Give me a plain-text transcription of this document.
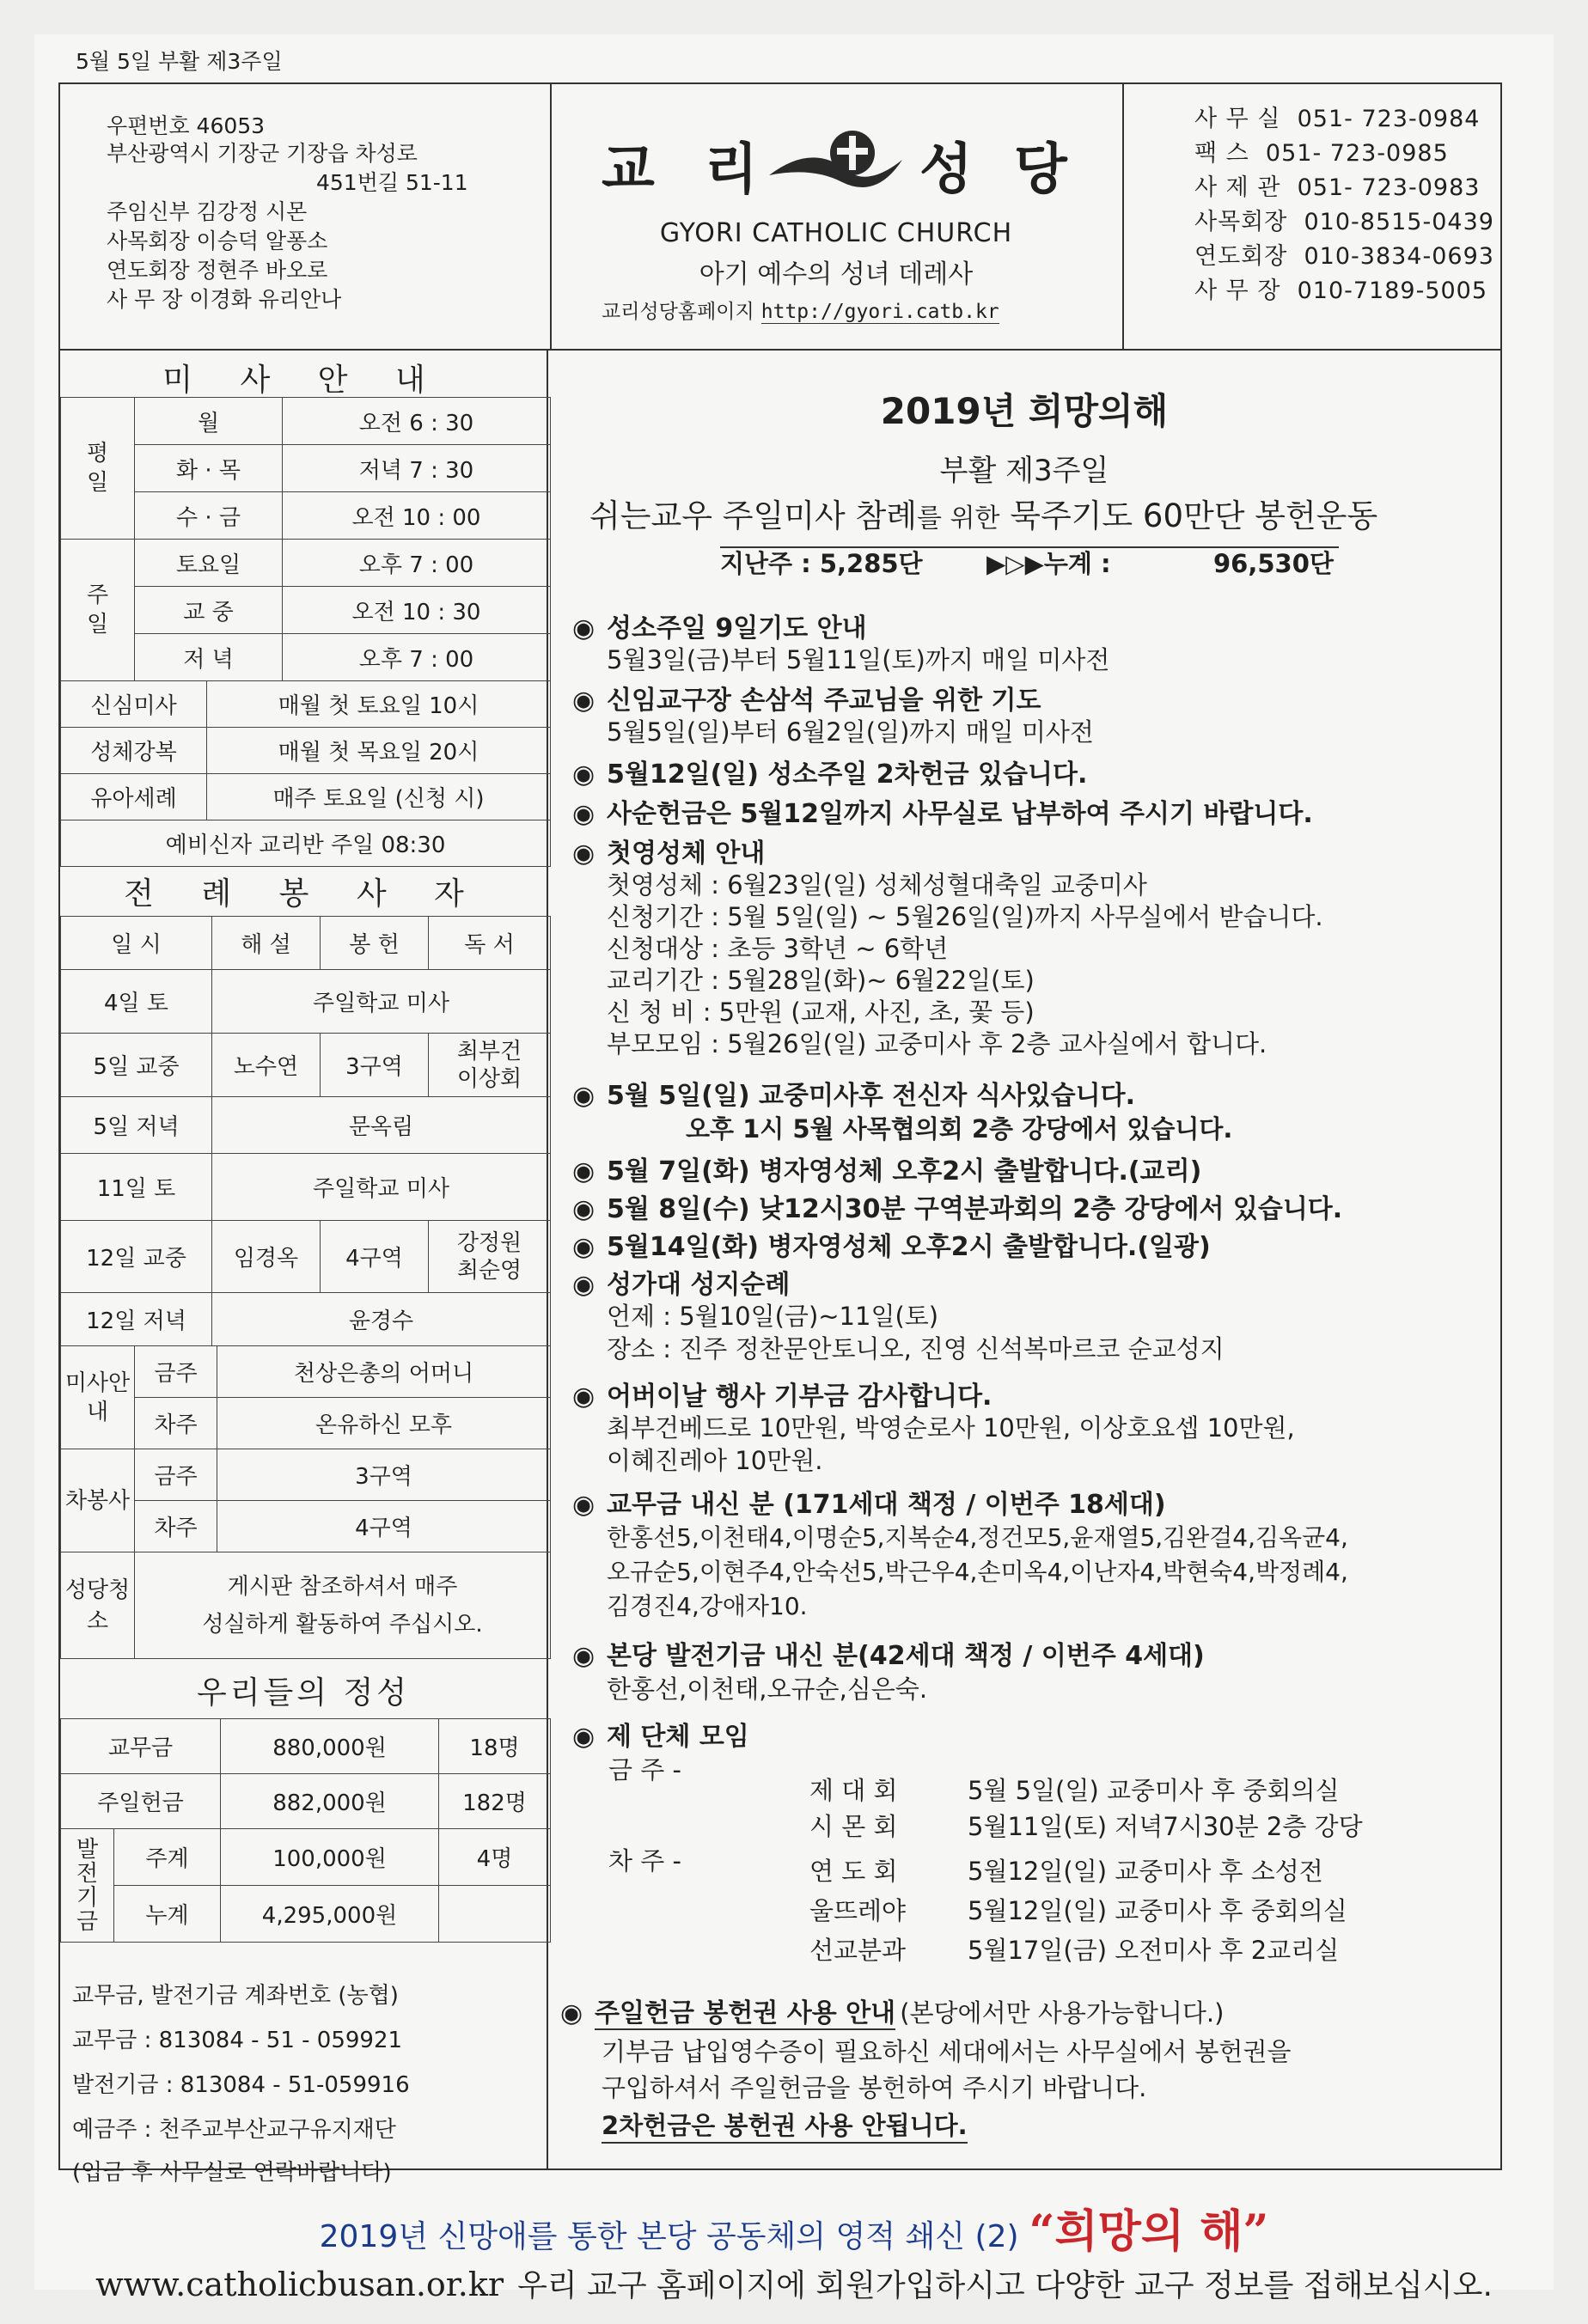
5월 5일 부활 제3주일
우편번호 46053
부산광역시 기장군 기장읍 차성로
451번길 51-11
주임신부 김강정 시몬
사목회장 이승덕 알퐁소
연도회장 정현주 바오로
사 무 장 이경화 유리안나
교 리	성 당
GYORI CATHOLIC CHURCH
아기 예수의 성녀 데레사
교리성당홈페이지 http://gyori.catb.kr
사 무 실 051- 723-0984
팩 스 051- 723-0985
사 제 관 051- 723-0983
사목회장 010-8515-0439
연도회장 010-3834-0693
사 무 장 010-7189-5005
미 사 안 내
평일	월	오전 6 : 30
	화 · 목	저녁 7 : 30
	수 · 금	오전 10 : 00
주일	토요일	오후 7 : 00
	교 중	오전 10 : 30
	저 녁	오후 7 : 00
신심미사	매월 첫 토요일 10시
성체강복	매월 첫 목요일 20시
유아세례	매주 토요일 (신청 시)
예비신자 교리반 주일 08:30	
전 례 봉 사 자
일 시	해 설	봉 헌	독 서
4일 토	주일학교 미사		
5일 교중	노수연	3구역	최부건
이상회

5일 저녁	문옥림		
11일 토	주일학교 미사		
12일 교중	임경옥	4구역	강정원
최순영

12일 저녁	윤경수		
미사안내	금주	천상은총의 어머니
	차주	온유하신 모후
차봉사	금주	3구역
	차주	4구역
성당청소	게시판 참조하셔서 매주
성실하게 활동하여 주십시오.	
우리들의 정성
교무금		880,000원	18명
주일헌금		882,000원	182명
발전기금	주계	100,000원	4명
	누계	4,295,000원	
교무금, 발전기금 계좌번호 (농협)
교무금 : 813084 - 51 - 059921
발전기금 : 813084 - 51-059916
예금주 : 천주교부산교구유지재단
(입금 후 사무실로 연락바랍니다)
2019년 희망의해
부활 제3주일
쉬는교우 주일미사 참례를 위한 묵주기도 60만단 봉헌운동
지난주 : 5,285단	▶▷▶누계 :	96,530단
◉ 성소주일 9일기도 안내
5월3일(금)부터 5월11일(토)까지 매일 미사전
◉ 신임교구장 손삼석 주교님을 위한 기도
5월5일(일)부터 6월2일(일)까지 매일 미사전
◉ 5월12일(일) 성소주일 2차헌금 있습니다.
◉ 사순헌금은 5월12일까지 사무실로 납부하여 주시기 바랍니다.
◉ 첫영성체 안내
첫영성체 : 6월23일(일) 성체성혈대축일 교중미사
신청기간 : 5월 5일(일) ~ 5월26일(일)까지 사무실에서 받습니다.
신청대상 : 초등 3학년 ~ 6학년
교리기간 : 5월28일(화)~ 6월22일(토)
신 청 비 : 5만원 (교재, 사진, 초, 꽃 등)
부모모임 : 5월26일(일) 교중미사 후 2층 교사실에서 합니다.
◉ 5월 5일(일) 교중미사후 전신자 식사있습니다.
오후 1시 5월 사목협의회 2층 강당에서 있습니다.
◉ 5월 7일(화) 병자영성체 오후2시 출발합니다.(교리)
◉ 5월 8일(수) 낮12시30분 구역분과회의 2층 강당에서 있습니다.
◉ 5월14일(화) 병자영성체 오후2시 출발합니다.(일광)
◉ 성가대 성지순례
언제 : 5월10일(금)~11일(토)
장소 : 진주 정찬문안토니오, 진영 신석복마르코 순교성지
◉ 어버이날 행사 기부금 감사합니다.
최부건베드로 10만원, 박영순로사 10만원, 이상호요셉 10만원,
이혜진레아 10만원.
◉ 교무금 내신 분 (171세대 책정 / 이번주 18세대)
한홍선5,이천태4,이명순5,지복순4,정건모5,윤재열5,김완걸4,김옥균4,
오규순5,이현주4,안숙선5,박근우4,손미옥4,이난자4,박현숙4,박정례4,
김경진4,강애자10.
◉ 본당 발전기금 내신 분(42세대 책정 / 이번주 4세대)
한홍선,이천태,오규순,심은숙.
◉ 제 단체 모임
금 주 -
제 대 회	5월 5일(일) 교중미사 후 중회의실
시 몬 회	5월11일(토) 저녁7시30분 2층 강당
차 주 -	연 도 회	5월12일(일) 교중미사 후 소성전
울뜨레야 5월12일(일) 교중미사 후 중회의실
선교분과 5월17일(금) 오전미사 후 2교리실
◉ 주일헌금 봉헌권 사용 안내 (본당에서만 사용가능합니다.)
기부금 납입영수증이 필요하신 세대에서는 사무실에서 봉헌권을
구입하셔서 주일헌금을 봉헌하여 주시기 바랍니다.
2차헌금은 봉헌권 사용 안됩니다.
2019년 신망애를 통한 본당 공동체의 영적 쇄신 (2) “희망의 해”
www.catholicbusan.or.kr 우리 교구 홈페이지에 회원가입하시고 다양한 교구 정보를 접해보십시오.
